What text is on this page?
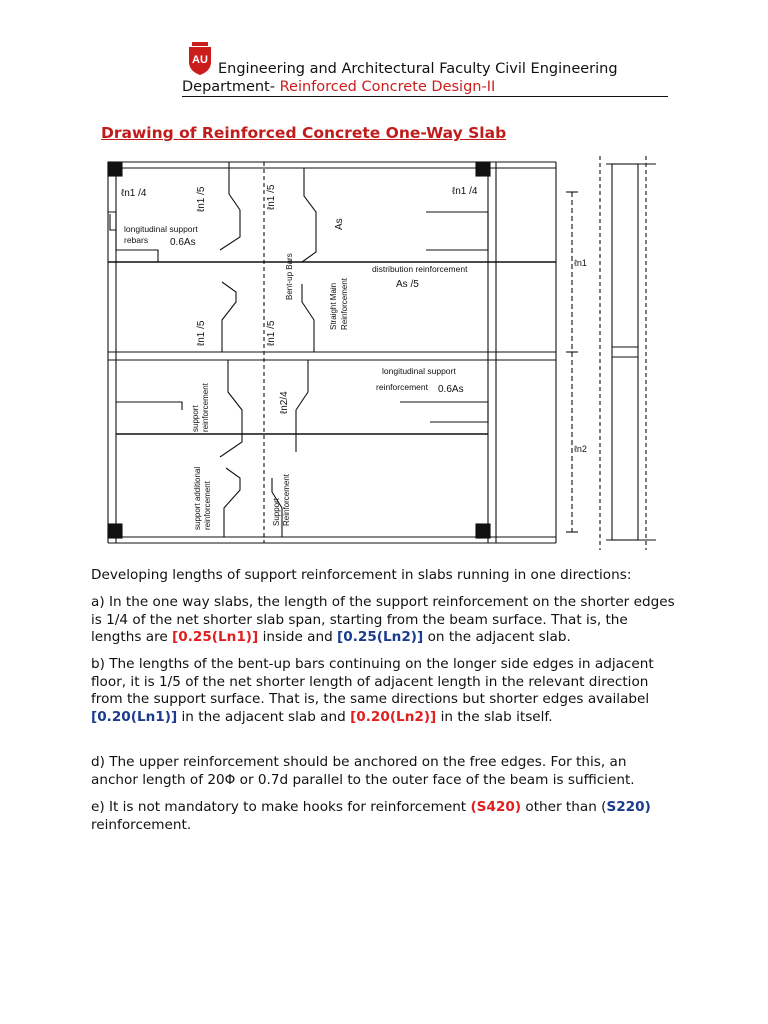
AU
Engineering and Architectural Faculty Civil Engineering
Department- Reinforced Concrete Design-II
Drawing of Reinforced Concrete One-Way Slab
ℓn1 /4	ℓn1 /4
longitudinal support
rebars 0.6As
ℓn1 /5	ℓn1 /5
Bent-up Bars
As
Straight Main Reinforcement
distribution reinforcement
As /5
ℓn1
ℓn2
longitudinal support
reinforcement 0.6As
ℓn1 /5	ℓn1 /5
ℓn2/4
support reinforcement
support additional reinforcement	Support Reinforcement
Developing lengths of support reinforcement in slabs running in one directions:
a) In the one way slabs, the length of the support reinforcement on the shorter edges is 1/4 of the net shorter slab span, starting from the beam surface. That is, the lengths are [0.25(Ln1)] inside and [0.25(Ln2)] on the adjacent slab.
b) The lengths of the bent-up bars continuing on the longer side edges in adjacent floor, it is 1/5 of the net shorter length of adjacent length in the relevant direction from the support surface. That is, the same directions but shorter edges availabel [0.20(Ln1)] in the adjacent slab and [0.20(Ln2)] in the slab itself.
d) The upper reinforcement should be anchored on the free edges. For this, an anchor length of 20Φ or 0.7d parallel to the outer face of the beam is sufficient.
e) It is not mandatory to make hooks for reinforcement (S420) other than (S220) reinforcement.
